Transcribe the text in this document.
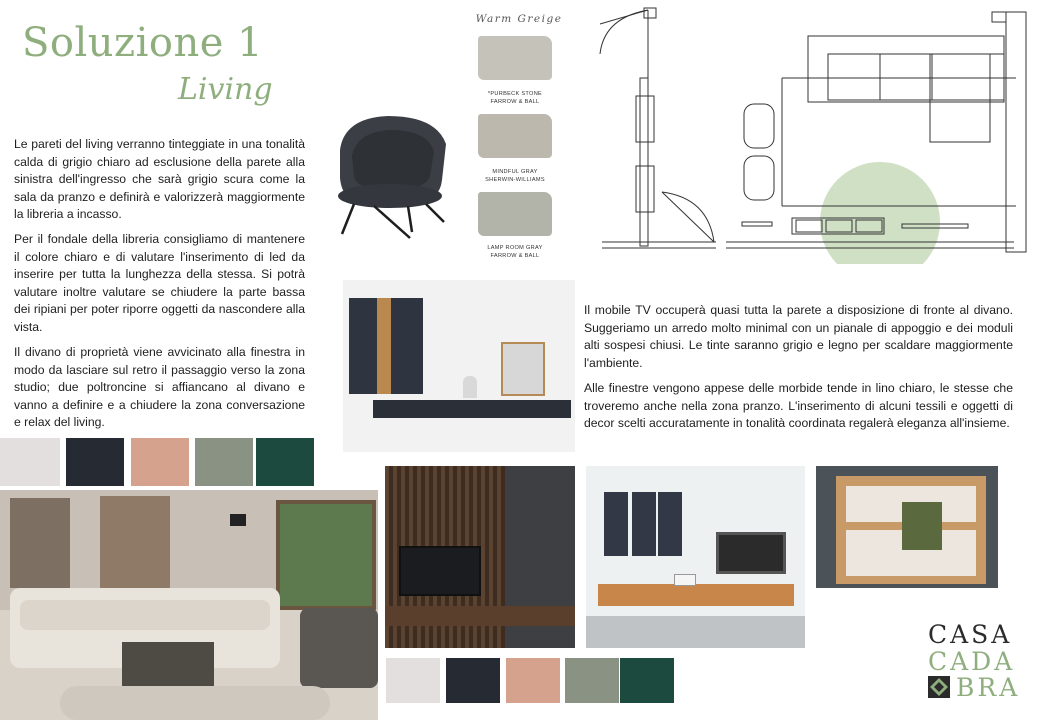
Soluzione 1
Living

Le pareti del living verranno tinteggiate in una tonalità calda di grigio chiaro ad esclusione della parete alla sinistra dell'ingresso che sarà grigio scura come la sala da pranzo e definirà e valorizzerà maggiormente la libreria a incasso.

Per il fondale della libreria consigliamo di mantenere il colore chiaro e di valutare l'inserimento di led da inserire per tutta la lunghezza della stessa. Si potrà valutare inoltre valutare se chiudere la parte bassa dei ripiani per poter riporre oggetti da nascondere alla vista.

Il divano di proprietà viene avvicinato alla finestra in modo da lasciare sul retro il passaggio verso la zona studio; due poltroncine si affiancano al divano e vanno a definire e a chiudere la zona conversazione e relax del living.

Il mobile TV occuperà quasi tutta la parete a disposizione di fronte al divano. Suggeriamo un arredo molto minimal con un pianale di appoggio e dei moduli alti sospesi chiusi. Le tinte saranno grigio e legno per scaldare maggiormente l'ambiente.

Alle finestre vengono appese delle morbide tende in lino chiaro, le stesse che troveremo anche nella zona pranzo. L'inserimento di alcuni tessili e oggetti di decor scelti accuratamente in tonalità coordinata regalerà eleganza all'insieme.

Warm Greige
*PURBECK STONE
FARROW & BALL
MINDFUL GRAY
SHERWIN-WILLIAMS
LAMP ROOM GRAY
FARROW & BALL
CASA
CADA
BRA
